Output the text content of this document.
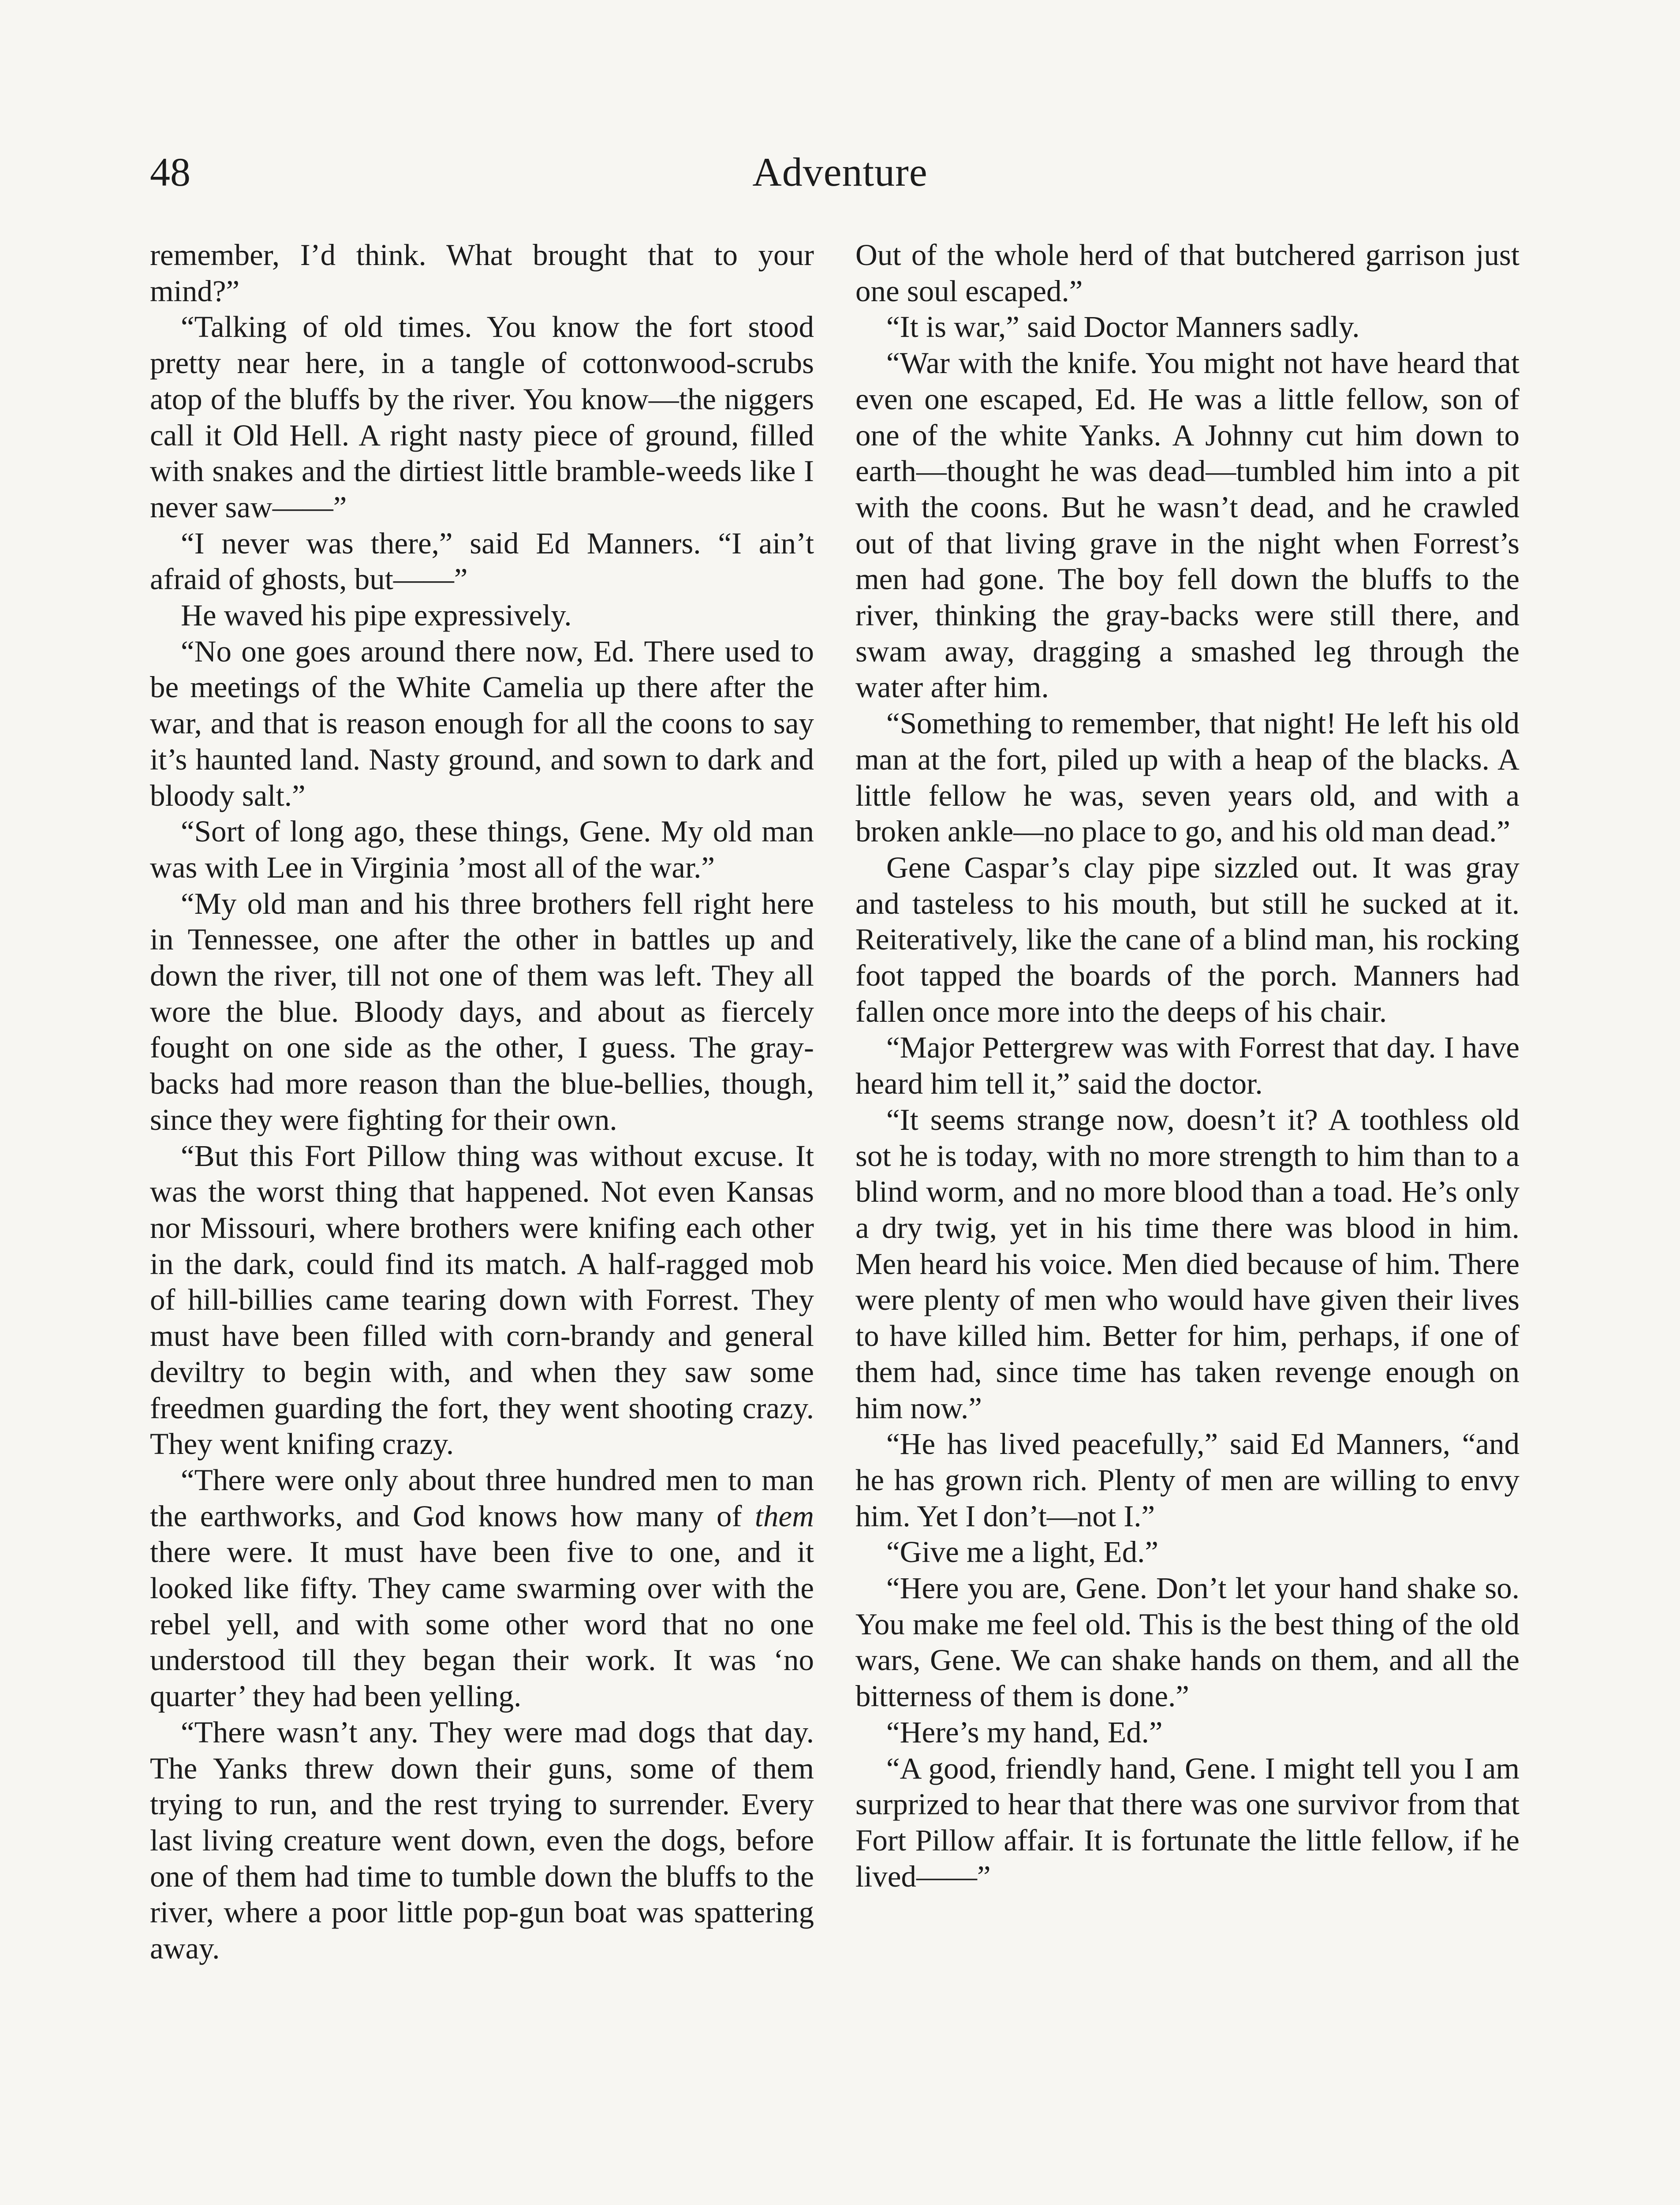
48	Adventure

remember, I’d think. What brought that to your mind?”

“Talking of old times. You know the fort stood pretty near here, in a tangle of cottonwood-scrubs atop of the bluffs by the river. You know—the niggers call it Old Hell. A right nasty piece of ground, filled with snakes and the dirtiest little bramble-weeds like I never saw——”

“I never was there,” said Ed Manners. “I ain’t afraid of ghosts, but——”

He waved his pipe expressively.

“No one goes around there now, Ed. There used to be meetings of the White Camelia up there after the war, and that is reason enough for all the coons to say it’s haunted land. Nasty ground, and sown to dark and bloody salt.”

“Sort of long ago, these things, Gene. My old man was with Lee in Virginia ’most all of the war.”

“My old man and his three brothers fell right here in Tennessee, one after the other in battles up and down the river, till not one of them was left. They all wore the blue. Bloody days, and about as fiercely fought on one side as the other, I guess. The gray-backs had more reason than the blue-bellies, though, since they were fighting for their own.

“But this Fort Pillow thing was without excuse. It was the worst thing that happened. Not even Kansas nor Missouri, where brothers were knifing each other in the dark, could find its match. A half-ragged mob of hill-billies came tearing down with Forrest. They must have been filled with corn-brandy and general deviltry to begin with, and when they saw some freedmen guarding the fort, they went shooting crazy. They went knifing crazy.

“There were only about three hundred men to man the earthworks, and God knows how many of them there were. It must have been five to one, and it looked like fifty. They came swarming over with the rebel yell, and with some other word that no one understood till they began their work. It was ‘no quarter’ they had been yelling.

“There wasn’t any. They were mad dogs that day. The Yanks threw down their guns, some of them trying to run, and the rest trying to surrender. Every last living creature went down, even the dogs, before one of them had time to tumble down the bluffs to the river, where a poor little pop-gun boat was spattering away.

Out of the whole herd of that butchered garrison just one soul escaped.”

“It is war,” said Doctor Manners sadly.

“War with the knife. You might not have heard that even one escaped, Ed. He was a little fellow, son of one of the white Yanks. A Johnny cut him down to earth—thought he was dead—tumbled him into a pit with the coons. But he wasn’t dead, and he crawled out of that living grave in the night when Forrest’s men had gone. The boy fell down the bluffs to the river, thinking the gray-backs were still there, and swam away, dragging a smashed leg through the water after him.

“Something to remember, that night! He left his old man at the fort, piled up with a heap of the blacks. A little fellow he was, seven years old, and with a broken ankle—no place to go, and his old man dead.”

Gene Caspar’s clay pipe sizzled out. It was gray and tasteless to his mouth, but still he sucked at it. Reiteratively, like the cane of a blind man, his rocking foot tapped the boards of the porch. Manners had fallen once more into the deeps of his chair.

“Major Pettergrew was with Forrest that day. I have heard him tell it,” said the doctor.

“It seems strange now, doesn’t it? A toothless old sot he is today, with no more strength to him than to a blind worm, and no more blood than a toad. He’s only a dry twig, yet in his time there was blood in him. Men heard his voice. Men died because of him. There were plenty of men who would have given their lives to have killed him. Better for him, perhaps, if one of them had, since time has taken revenge enough on him now.”

“He has lived peacefully,” said Ed Manners, “and he has grown rich. Plenty of men are willing to envy him. Yet I don’t—not I.”

“Give me a light, Ed.”

“Here you are, Gene. Don’t let your hand shake so. You make me feel old. This is the best thing of the old wars, Gene. We can shake hands on them, and all the bitterness of them is done.”

“Here’s my hand, Ed.”

“A good, friendly hand, Gene. I might tell you I am surprized to hear that there was one survivor from that Fort Pillow affair. It is fortunate the little fellow, if he lived——”
